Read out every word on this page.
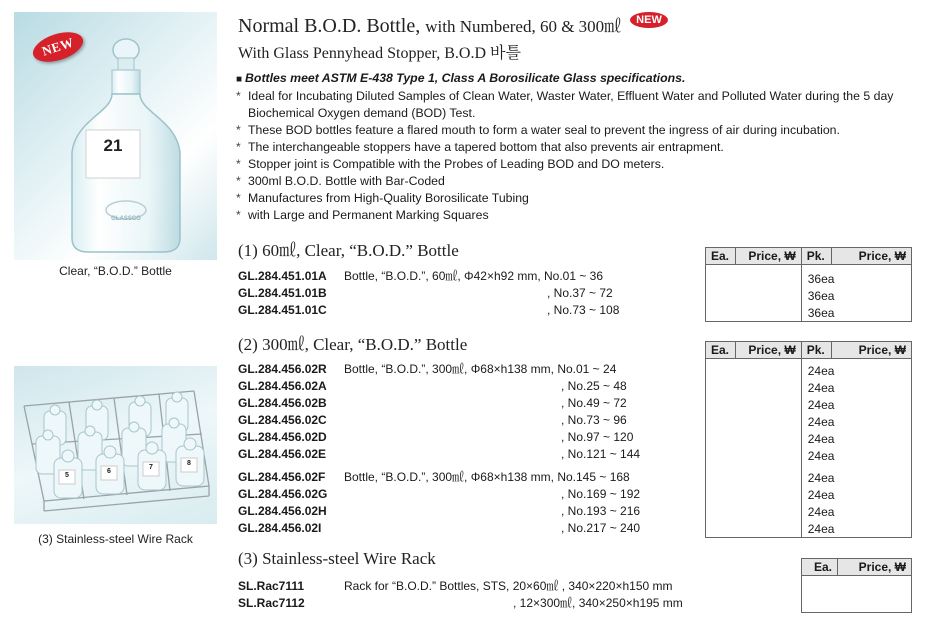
21
GLASSCO
NEW
Clear, “B.O.D.” Bottle
5
6
7
8
(3) Stainless-steel Wire Rack
Normal B.O.D. Bottle, with Numbered, 60 & 300㎖ NEW
With Glass Pennyhead Stopper, B.O.D 바틀
■ Bottles meet ASTM E-438 Type 1, Class A Borosilicate Glass specifications.
* Ideal for Incubating Diluted Samples of Clean Water, Waster Water, Effluent Water and Polluted Water during the 5 day Biochemical Oxygen demand (BOD) Test.
* These BOD bottles feature a flared mouth to form a water seal to prevent the ingress of air during incubation.
* The interchangeable stoppers have a tapered bottom that also prevents air entrapment.
* Stopper joint is Compatible with the Probes of Leading BOD and DO meters.
* 300ml B.O.D. Bottle with Bar-Coded
* Manufactures from High-Quality Borosilicate Tubing
* with Large and Permanent Marking Squares
(1) 60㎖, Clear, “B.O.D.” Bottle	Ea.	Price, ₩	Pk.	Price, ₩

		36ea	
		36ea	
		36ea	
GL.284.451.01A Bottle, “B.O.D.”, 60㎖, Φ42×h92 mm, No.01 ~ 36
GL.284.451.01B	, No.37 ~ 72
GL.284.451.01C	, No.73 ~ 108
(2) 300㎖, Clear, “B.O.D.” Bottle	Ea.	Price, ₩	Pk.	Price, ₩

		24ea	
		24ea	
		24ea	
		24ea	
		24ea	
		24ea	

		24ea	
		24ea	
		24ea	
		24ea	
GL.284.456.02R Bottle, “B.O.D.”, 300㎖, Φ68×h138 mm, No.01 ~ 24
GL.284.456.02A	, No.25 ~ 48
GL.284.456.02B	, No.49 ~ 72
GL.284.456.02C	, No.73 ~ 96
GL.284.456.02D	, No.97 ~ 120
GL.284.456.02E	, No.121 ~ 144
GL.284.456.02F Bottle, “B.O.D.”, 300㎖, Φ68×h138 mm, No.145 ~ 168
GL.284.456.02G	, No.169 ~ 192
GL.284.456.02H	, No.193 ~ 216
GL.284.456.02I	, No.217 ~ 240
(3) Stainless-steel Wire Rack	Ea.	Price, ₩

SL.Rac7111	Rack for “B.O.D.” Bottles, STS, 20×60㎖ , 340×220×h150 mm
SL.Rac7112	, 12×300㎖, 340×250×h195 mm
